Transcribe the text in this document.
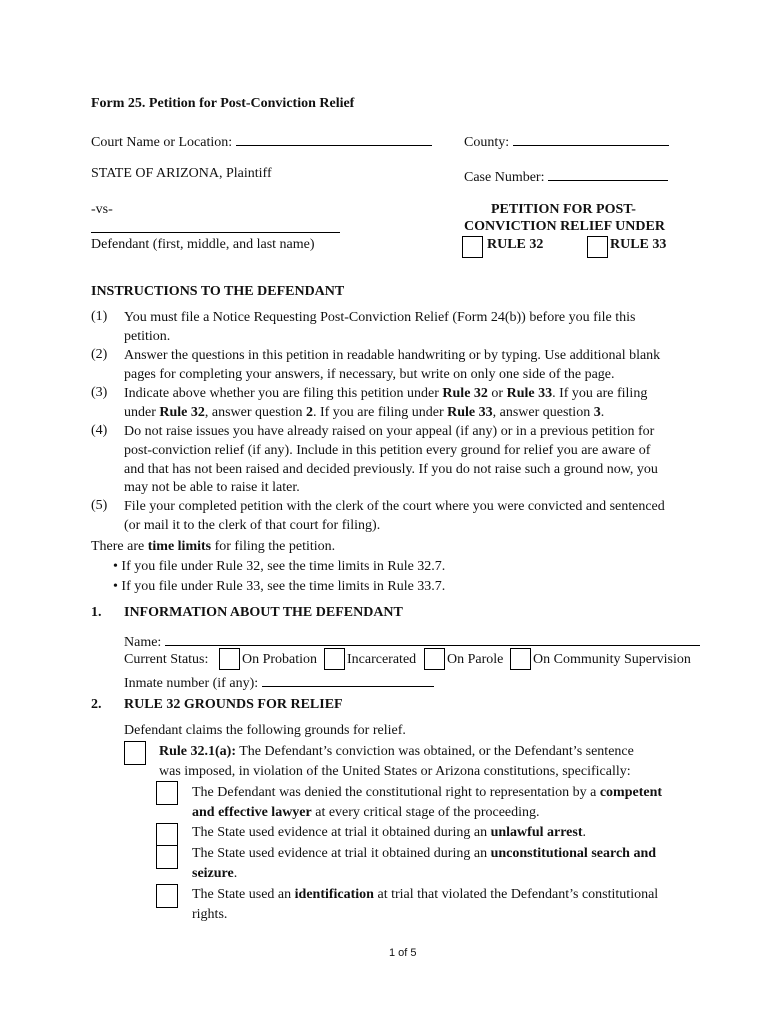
Form 25. Petition for Post-Conviction Relief
Court Name or Location:	County:
STATE OF ARIZONA, Plaintiff	Case Number:
-vs-
Defendant (first, middle, and last name)
PETITION FOR POST-
CONVICTION RELIEF UNDER
RULE 32	RULE 33
INSTRUCTIONS TO THE DEFENDANT
(1) You must file a Notice Requesting Post-Conviction Relief (Form 24(b)) before you file this
petition.
(2) Answer the questions in this petition in readable handwriting or by typing. Use additional blank
pages for completing your answers, if necessary, but write on only one side of the page.
(3) Indicate above whether you are filing this petition under Rule 32 or Rule 33. If you are filing
under Rule 32, answer question 2. If you are filing under Rule 33, answer question 3.
(4) Do not raise issues you have already raised on your appeal (if any) or in a previous petition for
post-conviction relief (if any). Include in this petition every ground for relief you are aware of
and that has not been raised and decided previously. If you do not raise such a ground now, you
may not be able to raise it later.
(5) File your completed petition with the clerk of the court where you were convicted and sentenced
(or mail it to the clerk of that court for filing).
There are time limits for filing the petition.
• If you file under Rule 32, see the time limits in Rule 32.7.
• If you file under Rule 33, see the time limits in Rule 33.7.
1. INFORMATION ABOUT THE DEFENDANT
Name:
Current Status: On Probation Incarcerated On Parole On Community Supervision
Inmate number (if any):
2. RULE 32 GROUNDS FOR RELIEF
Defendant claims the following grounds for relief.
Rule 32.1(a): The Defendant’s conviction was obtained, or the Defendant’s sentence
was imposed, in violation of the United States or Arizona constitutions, specifically:
The Defendant was denied the constitutional right to representation by a competent
and effective lawyer at every critical stage of the proceeding.
The State used evidence at trial it obtained during an unlawful arrest.
The State used evidence at trial it obtained during an unconstitutional search and
seizure.
The State used an identification at trial that violated the Defendant’s constitutional
rights.
1 of 5
